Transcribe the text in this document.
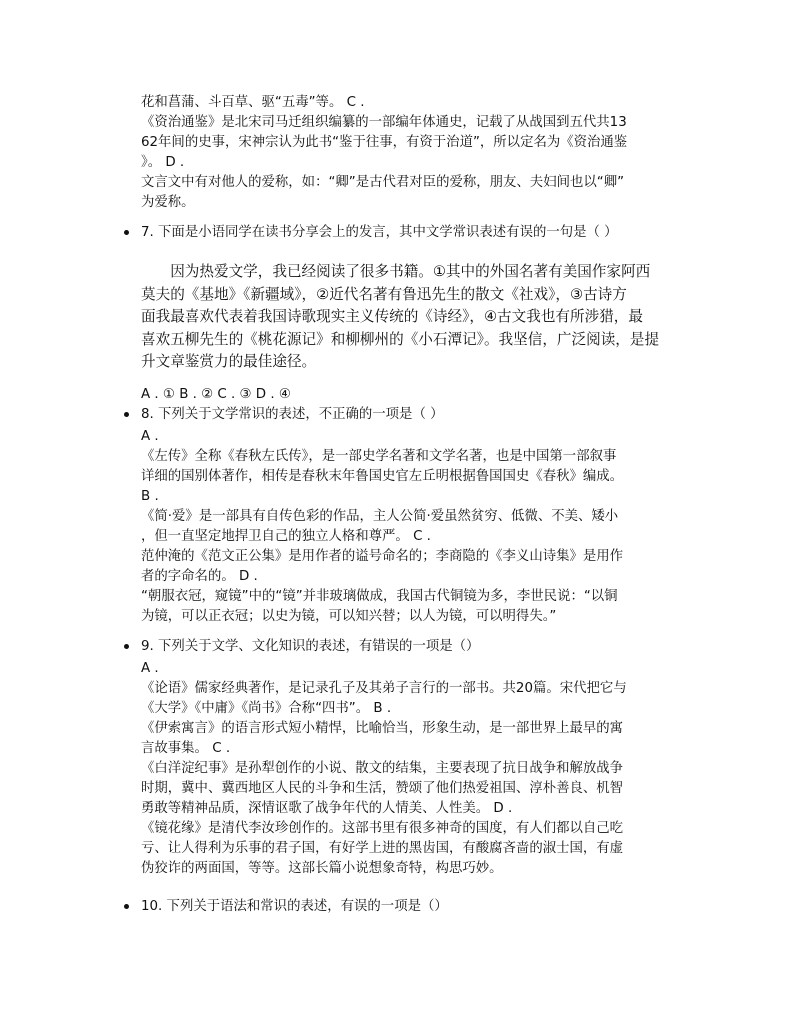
花和菖蒲、斗百草、驱“五毒”等。 C .
《资治通鉴》是北宋司马迁组织编纂的一部编年体通史，记载了从战国到五代共13
62年间的史事，宋神宗认为此书“鉴于往事，有资于治道”，所以定名为《资治通鉴
》。 D .
文言文中有对他人的爱称，如：“卿”是古代君对臣的爱称，朋友、夫妇间也以“卿”
为爱称。
7. 下面是小语同学在读书分享会上的发言，其中文学常识表述有误的一句是（ ）
　　因为热爱文学，我已经阅读了很多书籍。①其中的外国名著有美国作家阿西
莫夫的《基地》《新疆域》，②近代名著有鲁迅先生的散文《社戏》，③古诗方
面我最喜欢代表着我国诗歌现实主义传统的《诗经》，④古文我也有所涉猎，最
喜欢五柳先生的《桃花源记》和柳柳州的《小石潭记》。我坚信，广泛阅读，是提
升文章鉴赏力的最佳途径。
A . ① B . ② C . ③ D . ④
8. 下列关于文学常识的表述，不正确的一项是（ ）
A .
《左传》全称《春秋左氏传》，是一部史学名著和文学名著，也是中国第一部叙事
详细的国别体著作，相传是春秋末年鲁国史官左丘明根据鲁国国史《春秋》编成。
B .
《简·爱》是一部具有自传色彩的作品，主人公简·爱虽然贫穷、低微、不美、矮小
，但一直坚定地捍卫自己的独立人格和尊严。 C .
范仲淹的《范文正公集》是用作者的谥号命名的；李商隐的《李义山诗集》是用作
者的字命名的。 D .
“朝服衣冠，窥镜”中的“镜”并非玻璃做成，我国古代铜镜为多，李世民说：“以铜
为镜，可以正衣冠；以史为镜，可以知兴替；以人为镜，可以明得失。”
9. 下列关于文学、文化知识的表述，有错误的一项是（）
A .
《论语》儒家经典著作，是记录孔子及其弟子言行的一部书。共20篇。宋代把它与
《大学》《中庸》《尚书》合称“四书”。 B .
《伊索寓言》的语言形式短小精悍，比喻恰当，形象生动，是一部世界上最早的寓
言故事集。 C .
《白洋淀纪事》是孙犁创作的小说、散文的结集，主要表现了抗日战争和解放战争
时期，冀中、冀西地区人民的斗争和生活，赞颂了他们热爱祖国、淳朴善良、机智
勇敢等精神品质，深情讴歌了战争年代的人情美、人性美。 D .
《镜花缘》是清代李汝珍创作的。这部书里有很多神奇的国度，有人们都以自己吃
亏、让人得利为乐事的君子国，有好学上进的黑齿国，有酸腐吝啬的淑士国，有虚
伪狡诈的两面国，等等。这部长篇小说想象奇特，构思巧妙。
10. 下列关于语法和常识的表述，有误的一项是（）
